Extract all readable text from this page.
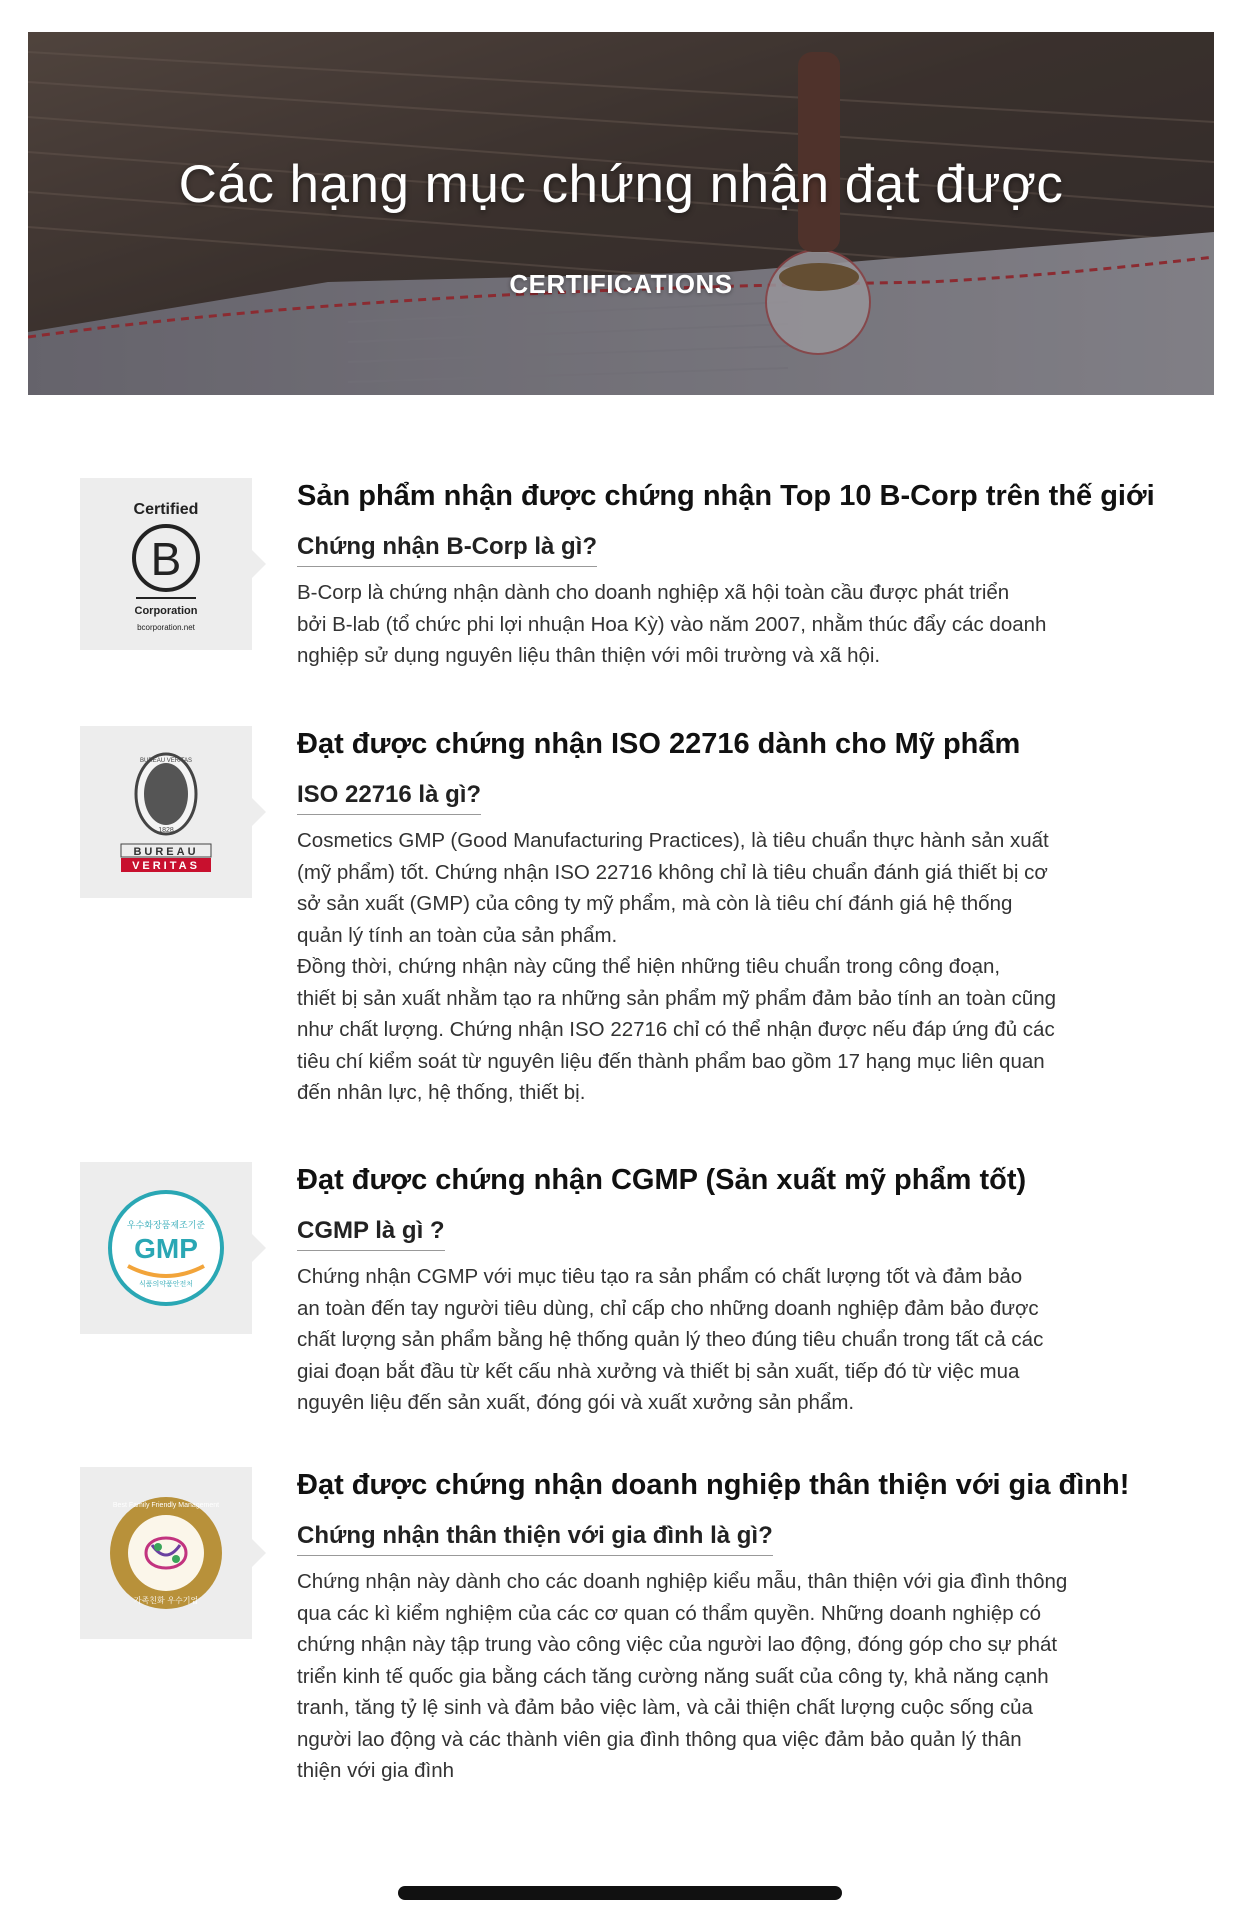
Các hạng mục chứng nhận đạt được
CERTIFICATIONS
Certified
B
Corporation
bcorporation.net
Sản phẩm nhận được chứng nhận Top 10 B-Corp trên thế giới
Chứng nhận B-Corp là gì?
B-Corp là chứng nhận dành cho doanh nghiệp xã hội toàn cầu được phát triển
bởi B-lab (tổ chức phi lợi nhuận Hoa Kỳ) vào năm 2007, nhằm thúc đẩy các doanh
nghiệp sử dụng nguyên liệu thân thiện với môi trường và xã hội.
BUREAU VERITAS
1828
BUREAU
VERITAS
Đạt được chứng nhận ISO 22716 dành cho Mỹ phẩm
ISO 22716 là gì?
Cosmetics GMP (Good Manufacturing Practices), là tiêu chuẩn thực hành sản xuất
(mỹ phẩm) tốt. Chứng nhận ISO 22716 không chỉ là tiêu chuẩn đánh giá thiết bị cơ
sở sản xuất (GMP) của công ty mỹ phẩm, mà còn là tiêu chí đánh giá hệ thống
quản lý tính an toàn của sản phẩm.
Đồng thời, chứng nhận này cũng thể hiện những tiêu chuẩn trong công đoạn,
thiết bị sản xuất nhằm tạo ra những sản phẩm mỹ phẩm đảm bảo tính an toàn cũng
như chất lượng. Chứng nhận ISO 22716 chỉ có thể nhận được nếu đáp ứng đủ các
tiêu chí kiểm soát từ nguyên liệu đến thành phẩm bao gồm 17 hạng mục liên quan
đến nhân lực, hệ thống, thiết bị.
우수화장품제조기준
GMP
식품의약품안전처
Đạt được chứng nhận CGMP (Sản xuất mỹ phẩm tốt)
CGMP là gì ?
Chứng nhận CGMP với mục tiêu tạo ra sản phẩm có chất lượng tốt và đảm bảo
an toàn đến tay người tiêu dùng, chỉ cấp cho những doanh nghiệp đảm bảo được
chất lượng sản phẩm bằng hệ thống quản lý theo đúng tiêu chuẩn trong tất cả các
giai đoạn bắt đầu từ kết cấu nhà xưởng và thiết bị sản xuất, tiếp đó từ việc mua
nguyên liệu đến sản xuất, đóng gói và xuất xưởng sản phẩm.
Best Family Friendly Management
가족친화 우수기업
Đạt được chứng nhận doanh nghiệp thân thiện với gia đình!
Chứng nhận thân thiện với gia đình là gì?
Chứng nhận này dành cho các doanh nghiệp kiểu mẫu, thân thiện với gia đình thông
qua các kì kiểm nghiệm của các cơ quan có thẩm quyền. Những doanh nghiệp có
chứng nhận này tập trung vào công việc của người lao động, đóng góp cho sự phát
triển kinh tế quốc gia bằng cách tăng cường năng suất của công ty, khả năng cạnh
tranh, tăng tỷ lệ sinh và đảm bảo việc làm, và cải thiện chất lượng cuộc sống của
người lao động và các thành viên gia đình thông qua việc đảm bảo quản lý thân
thiện với gia đình
